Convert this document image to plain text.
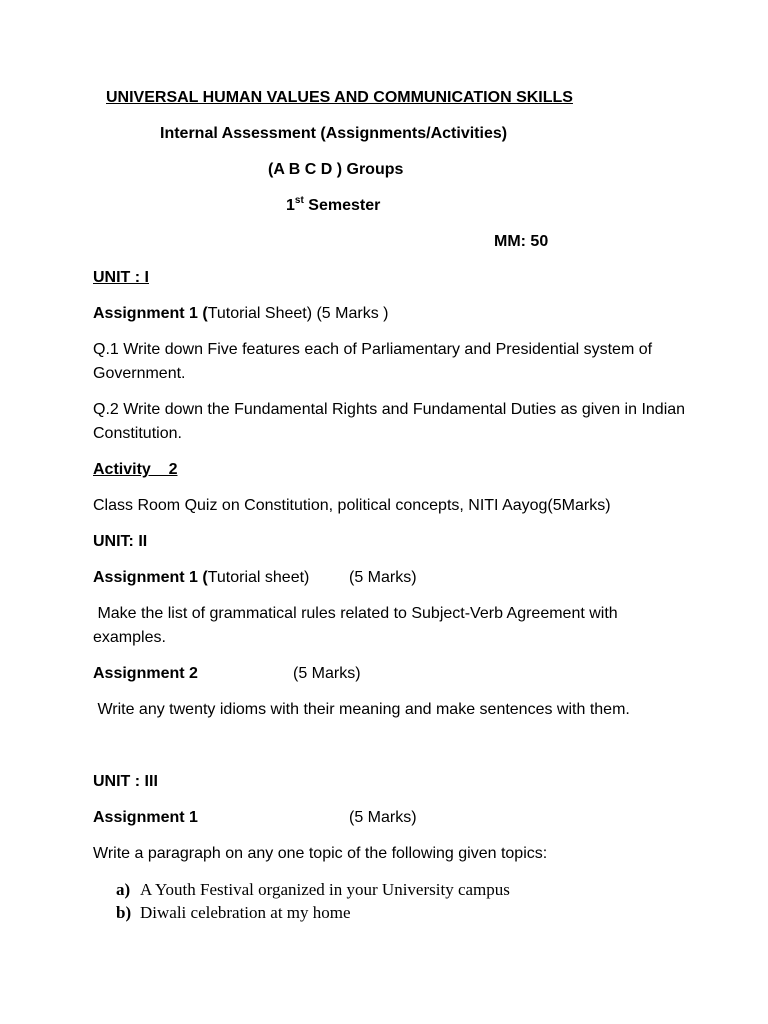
UNIVERSAL HUMAN VALUES AND COMMUNICATION SKILLS
Internal Assessment (Assignments/Activities)
(A B C D ) Groups
1st Semester
MM: 50
UNIT : I
Assignment 1 (Tutorial Sheet) (5 Marks )
Q.1 Write down Five features each of Parliamentary and Presidential system of Government.
Q.2 Write down the Fundamental Rights and Fundamental Duties as given in Indian Constitution.
Activity    2
Class Room Quiz on Constitution, political concepts, NITI Aayog(5Marks)
UNIT: II
Assignment 1 (Tutorial sheet) (5 Marks)
Make the list of grammatical rules related to Subject-Verb Agreement with examples.
Assignment 2	(5 Marks)
Write any twenty idioms with their meaning and make sentences with them.
UNIT : III
Assignment 1	(5 Marks)
Write a paragraph on any one topic of the following given topics:
a) A Youth Festival organized in your University campus
b) Diwali celebration at my home
